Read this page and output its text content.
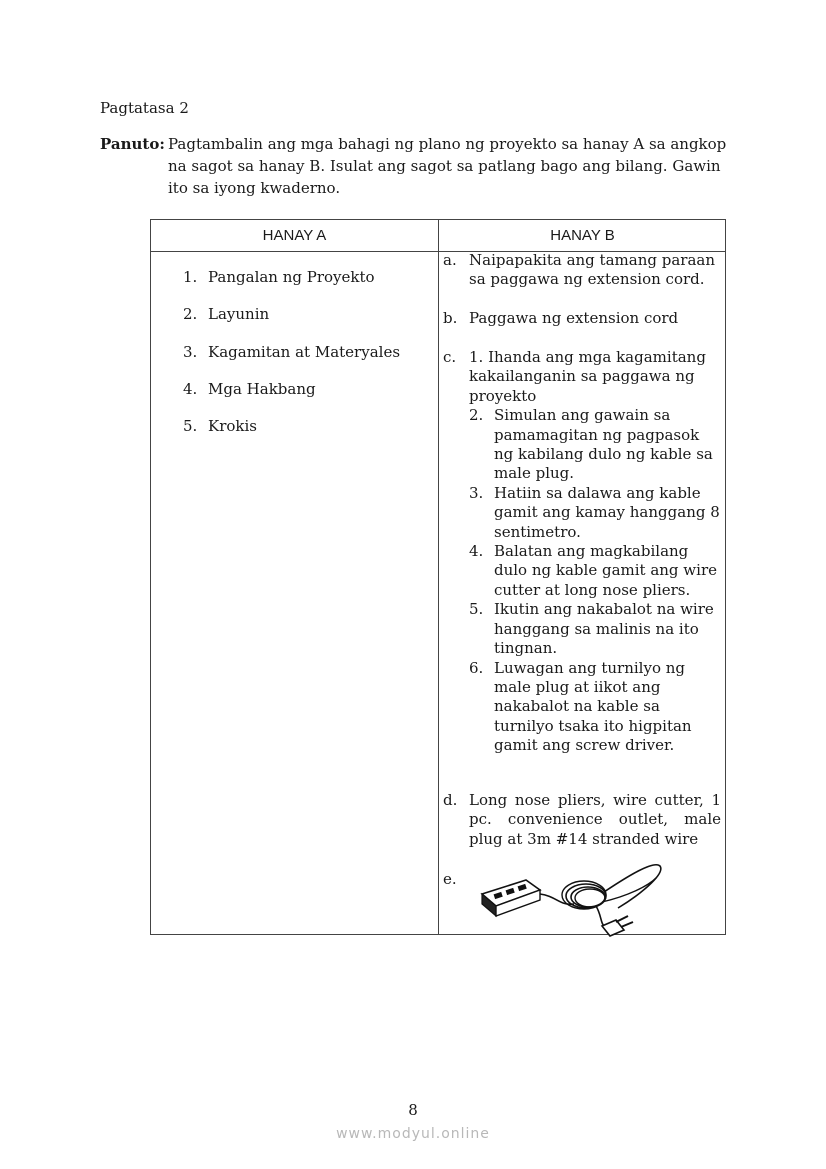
Pagtatasa 2
Panuto: Pagtambalin ang mga bahagi ng plano ng proyekto sa hanay A sa angkop
na sagot sa hanay B. Isulat ang sagot sa patlang bago ang bilang. Gawin
ito sa iyong kwaderno.
HANAY A	HANAY B
1. Pangalan ng Proyekto
2. Layunin
3. Kagamitan at Materyales
4. Mga Hakbang
5. Krokis
a. Naipapakita ang tamang paraan sa paggawa ng extension cord.
b. Paggawa ng extension cord
c. 1. Ihanda ang mga kagamitang kakailanganin sa paggawa ng proyekto
2. Simulan ang gawain sa pamamagitan ng pagpasok ng kabilang dulo ng kable sa male plug.
3. Hatiin sa dalawa ang kable gamit ang kamay hanggang 8 sentimetro.
4. Balatan ang magkabilang dulo ng kable gamit ang wire cutter at long nose pliers.
5. Ikutin ang nakabalot na wire hanggang sa malinis na ito tingnan.
6. Luwagan ang turnilyo ng male plug at iikot ang nakabalot na kable sa turnilyo tsaka ito higpitan gamit ang screw driver.
d. Long nose pliers, wire cutter, 1 pc. convenience outlet, male plug at 3m #14 stranded wire
e.
8
www.modyul.online
